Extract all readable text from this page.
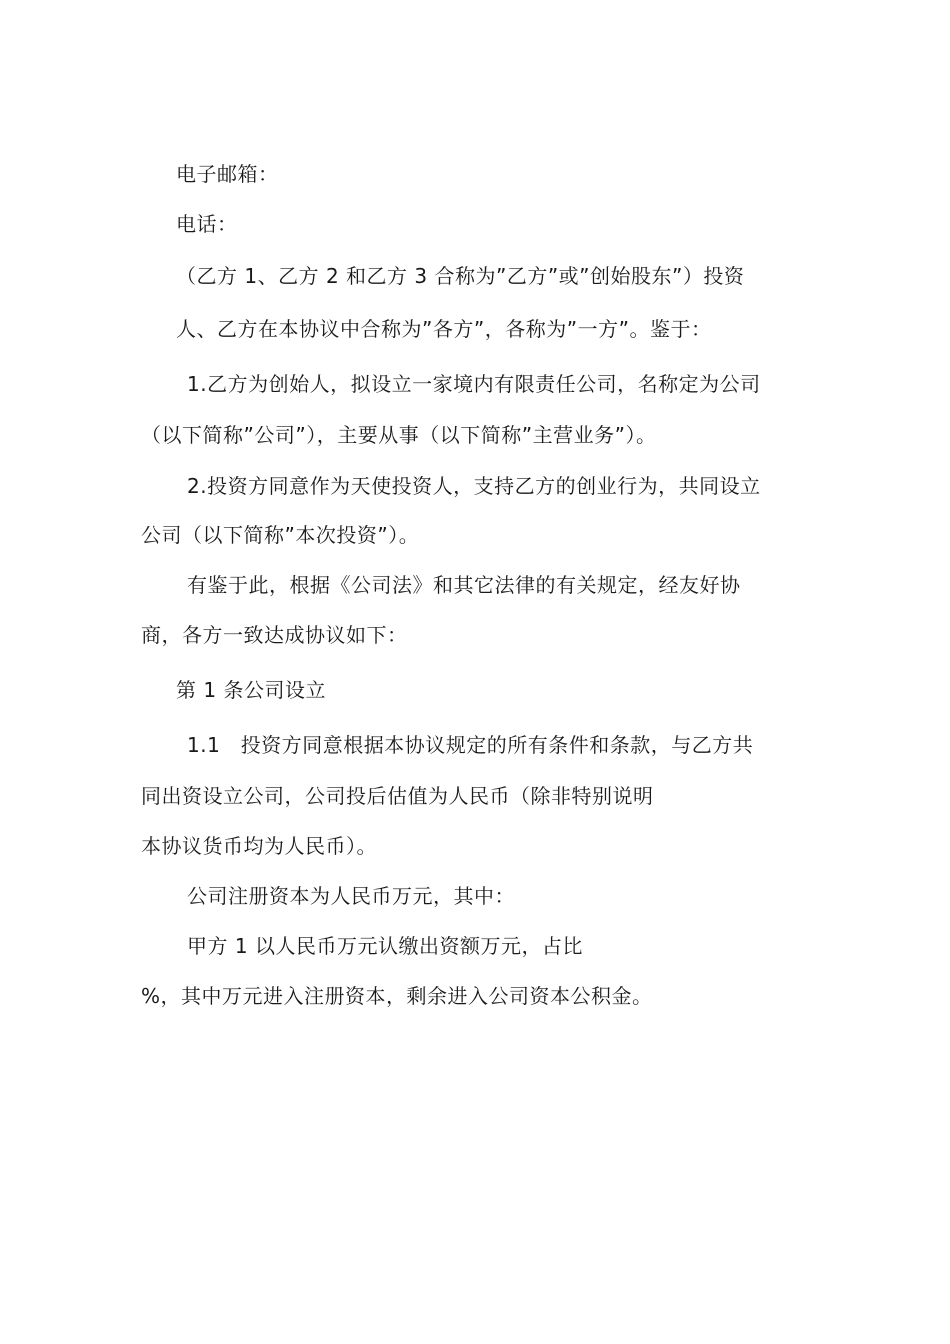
电子邮箱：
电话：
（乙方 1、乙方 2 和乙方 3 合称为”乙方”或”创始股东”）投资
人、乙方在本协议中合称为”各方”，各称为”一方”。鉴于：
1.乙方为创始人，拟设立一家境内有限责任公司，名称定为公司
（以下简称”公司”），主要从事（以下简称”主营业务”）。
2.投资方同意作为天使投资人，支持乙方的创业行为，共同设立
公司（以下简称”本次投资”）。
有鉴于此，根据《公司法》和其它法律的有关规定，经友好协
商，各方一致达成协议如下：
第 1 条公司设立
1.1　投资方同意根据本协议规定的所有条件和条款，与乙方共
同出资设立公司，公司投后估值为人民币（除非特别说明
本协议货币均为人民币）。
公司注册资本为人民币万元，其中：
甲方 1 以人民币万元认缴出资额万元，占比
%，其中万元进入注册资本，剩余进入公司资本公积金。
